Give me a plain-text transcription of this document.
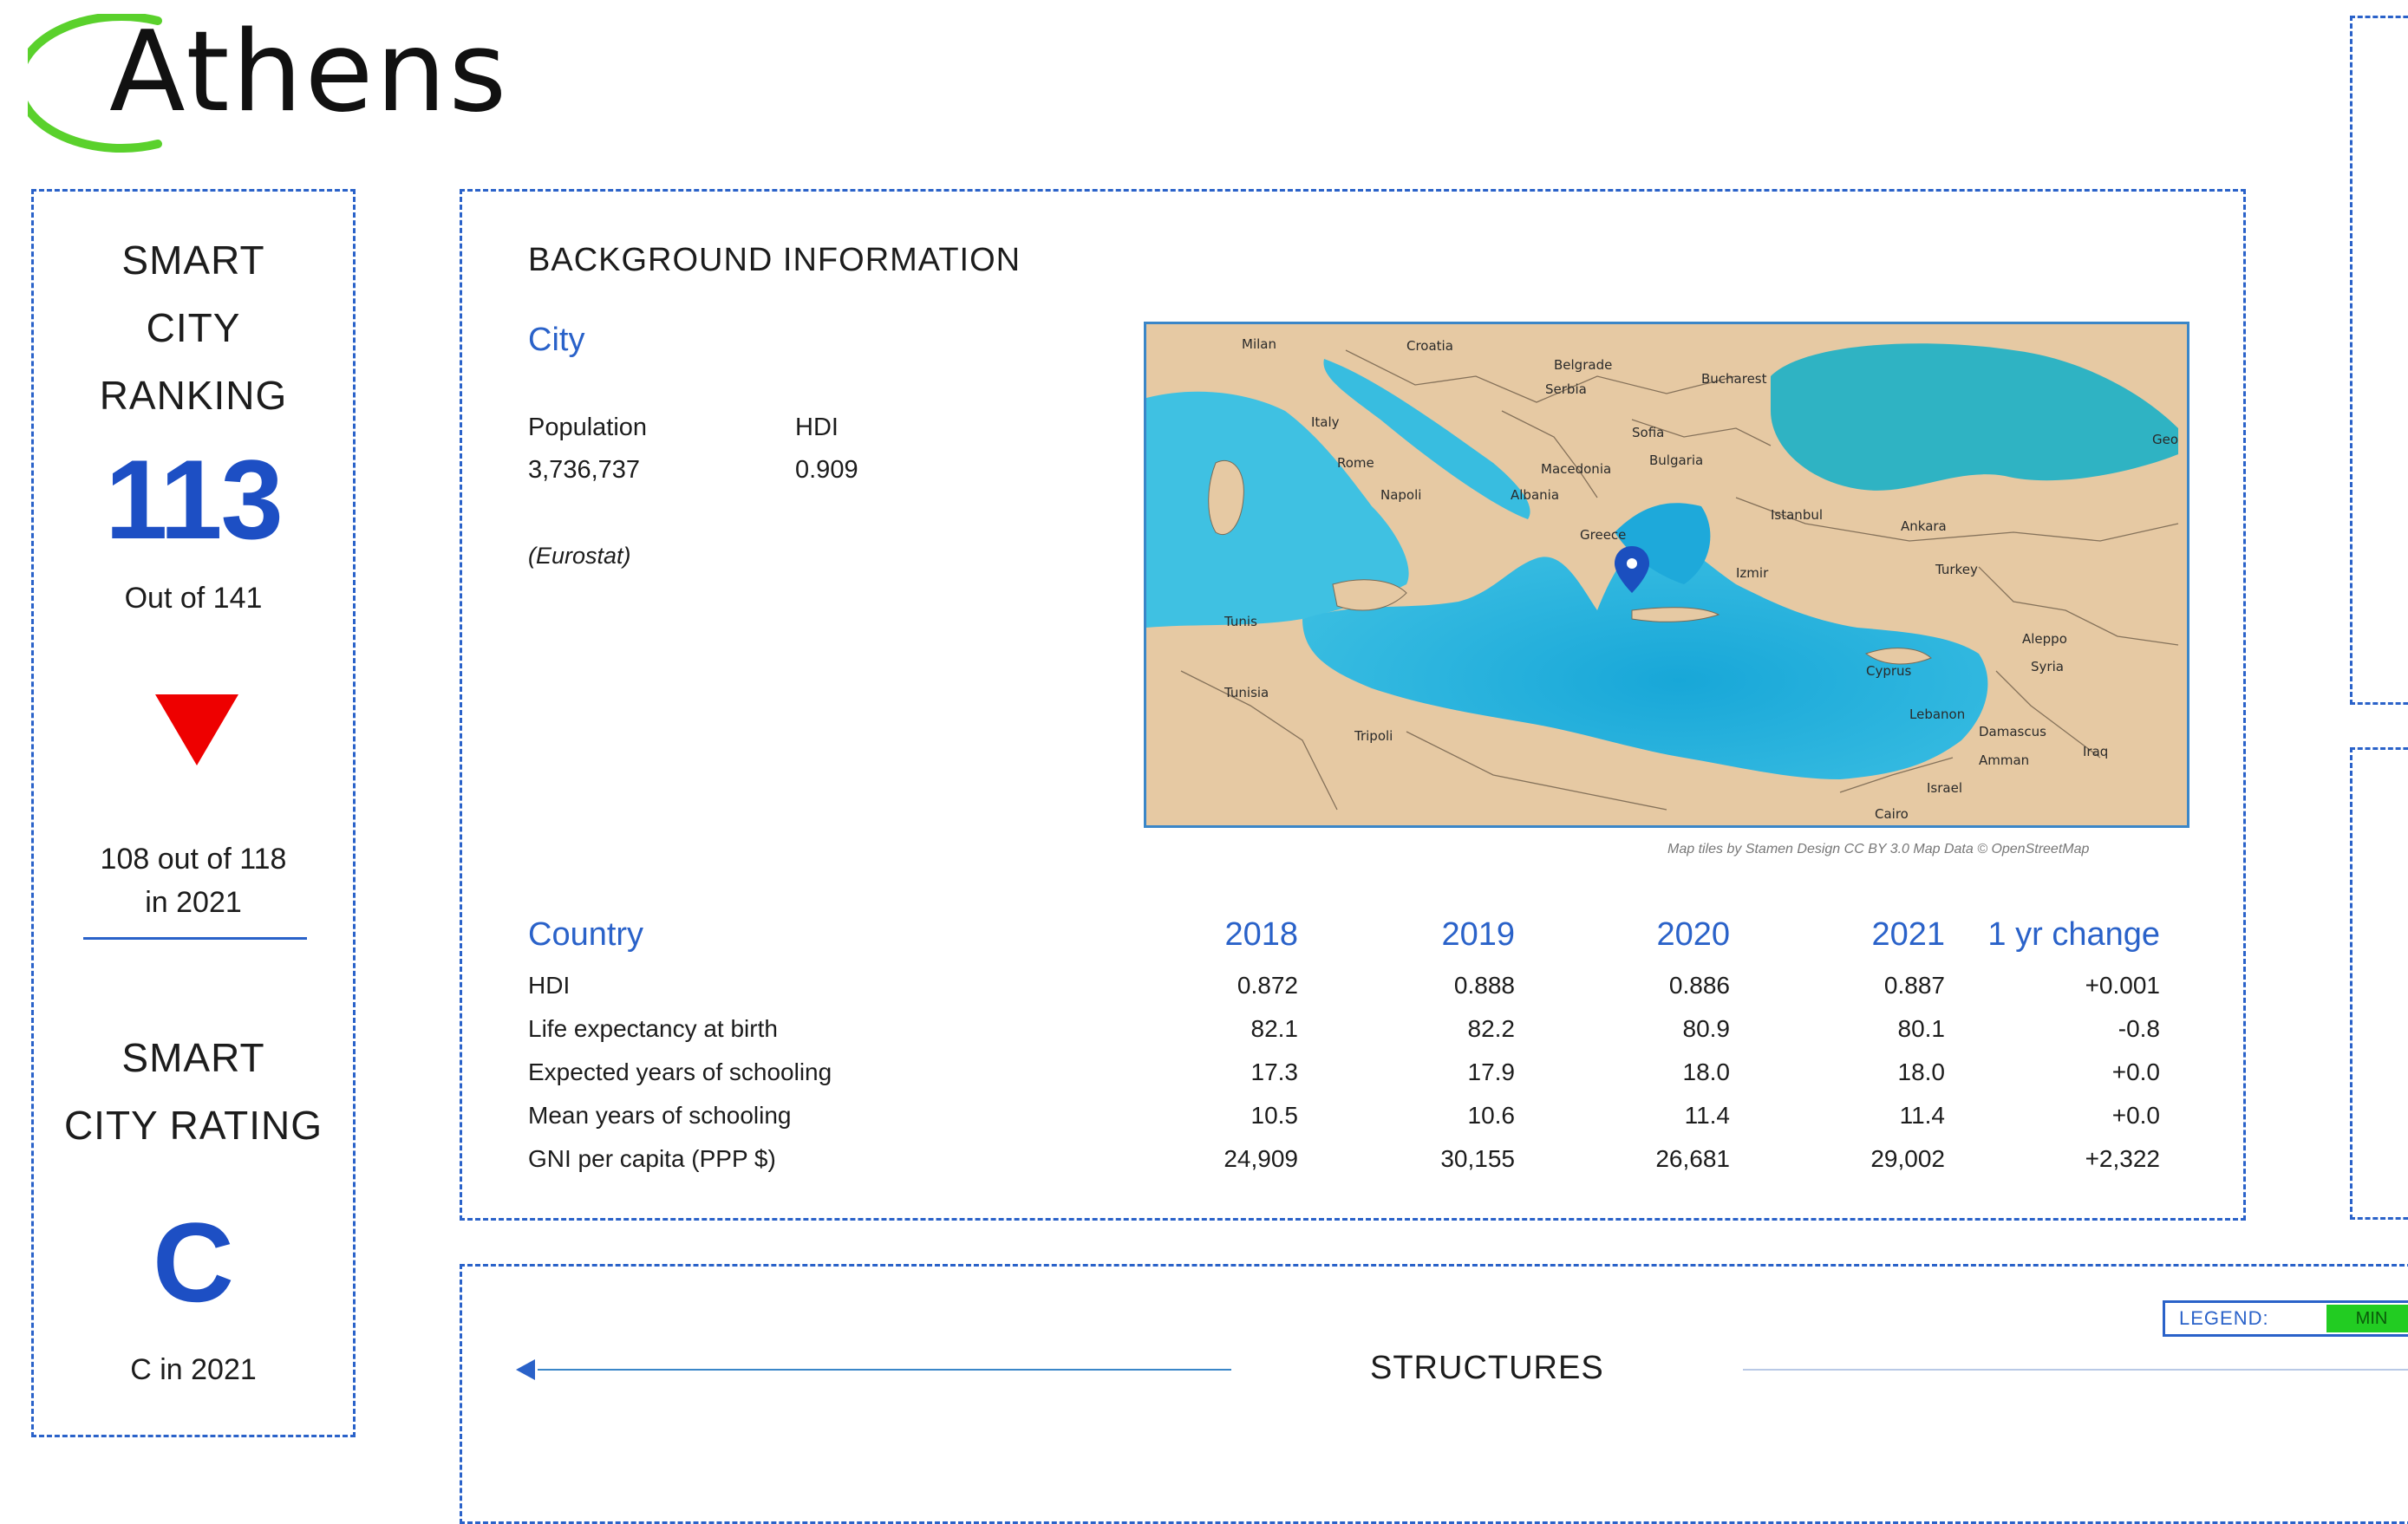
Athens
SMART
CITY
RANKING
113
Out of 141
108 out of 118
in 2021
SMART
CITY RATING
C
C in 2021
BACKGROUND INFORMATION
City
Population
3,736,737
HDI
0.909
(Eurostat)
Milan	Croatia
Belgrade
Bucharest
Serbia
Italy
Sofia
Rome	Bulgaria
Macedonia
Napoli	Albania
Istanbul
Ankara
Greece
Izmir	Turkey
Tunis
Tunisia
Cyprus
Aleppo
Syria
Lebanon
Damascus
Iraq
Amman
Israel
Tripoli
Cairo
Geo
Map tiles by Stamen Design CC BY 3.0 Map Data © OpenStreetMap
Country	2018	2019	2020	2021 1 yr change
HDI	0.872	0.888	0.886	0.887	+0.001
Life expectancy at birth	82.1	82.2	80.9	80.1	-0.8
Expected years of schooling	17.3	17.9	18.0	18.0	+0.0
Mean years of schooling	10.5	10.6	11.4	11.4	+0.0
GNI per capita (PPP $)	24,909	30,155	26,681	29,002	+2,322
STRUCTURES
LEGEND:	MIN
